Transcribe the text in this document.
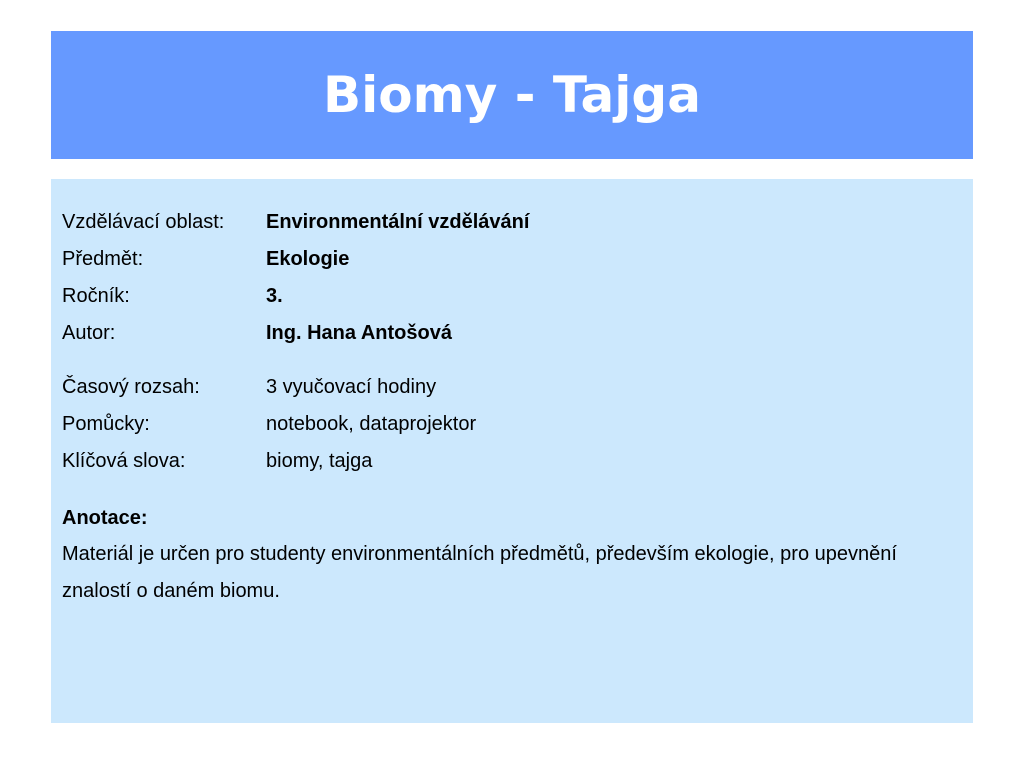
Biomy - Tajga
Vzdělávací oblast: Environmentální vzdělávání
Předmět:	Ekologie
Ročník:	3.
Autor:	Ing. Hana Antošová
Časový rozsah:	3 vyučovací hodiny
Pomůcky:	notebook, dataprojektor
Klíčová slova:	biomy, tajga
Anotace:
Materiál je určen pro studenty environmentálních předmětů, především ekologie, pro upevnění znalostí o daném biomu.
